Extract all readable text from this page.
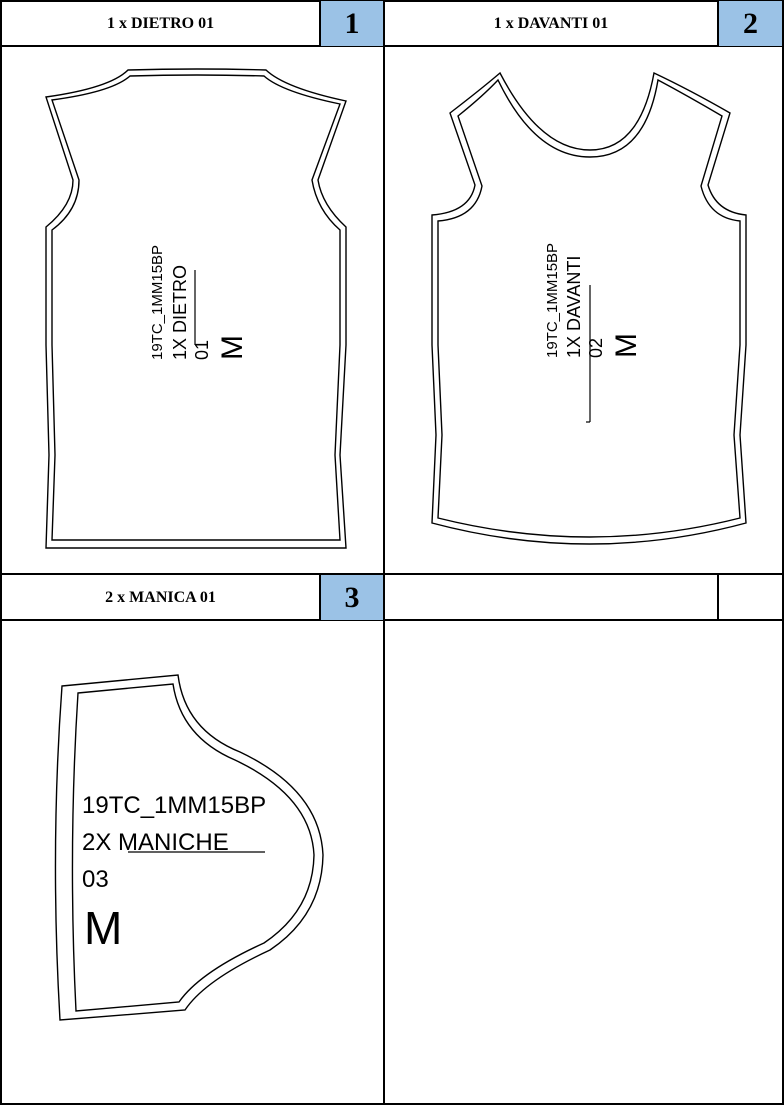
1 x DIETRO 01	1	1 x DAVANTI 01	2
2 x MANICA 01	3
19TC_1MM15BP 1X DIETRO 01 M	19TC_1MM15BP 1X DAVANTI 02 M
19TC_1MM15BP
2X MANICHE
03
M
